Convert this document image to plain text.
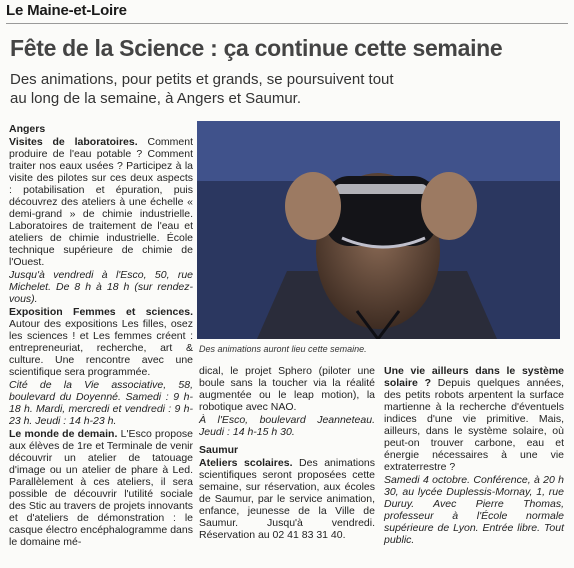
Le Maine-et-Loire
Fête de la Science : ça continue cette semaine
Des animations, pour petits et grands, se poursuivent tout au long de la semaine, à Angers et Saumur.

Angers

Visites de laboratoires. Comment produire de l'eau potable ? Comment traiter nos eaux usées ? Participez à la visite des pilotes sur ces deux aspects : potabilisation et épuration, puis découvrez des ateliers à une échelle « demi-grand » de chimie industrielle. Laboratoires de traitement de l'eau et ateliers de chimie industrielle. École technique supérieure de chimie de l'Ouest.

Jusqu'à vendredi à l'Esco, 50, rue Michelet. De 8 h à 18 h (sur rendez-vous).

Exposition Femmes et sciences. Autour des expositions Les filles, osez les sciences ! et Les femmes créent : entrepreneuriat, recherche, art & culture. Une rencontre avec une scientifique sera programmée.

Cité de la Vie associative, 58, boulevard du Doyenné. Samedi : 9 h-18 h. Mardi, mercredi et vendredi : 9 h-23 h. Jeudi : 14 h-23 h.

Le monde de demain. L'Esco propose aux élèves de 1re et Terminale de venir découvrir un atelier de tatouage d'image ou un atelier de phare à Led. Parallèlement à ces ateliers, il sera possible de découvrir l'utilité sociale des Stic au travers de projets innovants et d'ateliers de démonstration : le casque électro encéphalogramme dans le domaine mé-

Des animations auront lieu cette semaine.

dical, le projet Sphero (piloter une boule sans la toucher via la réalité augmentée ou le leap motion), la robotique avec NAO.

À l'Esco, boulevard Jeanneteau. Jeudi : 14 h-15 h 30.

Saumur

Ateliers scolaires. Des animations scientifiques seront proposées cette semaine, sur réservation, aux écoles de Saumur, par le service animation, enfance, jeunesse de la Ville de Saumur. Jusqu'à vendredi. Réservation au 02 41 83 31 40.

Une vie ailleurs dans le système solaire ? Depuis quelques années, des petits robots arpentent la surface martienne à la recherche d'éventuels indices d'une vie primitive. Mais, ailleurs, dans le système solaire, où peut-on trouver carbone, eau et énergie nécessaires à une vie extraterrestre ?

Samedi 4 octobre. Conférence, à 20 h 30, au lycée Duplessis-Mornay, 1, rue Duruy. Avec Pierre Thomas, professeur à l'École normale supérieure de Lyon. Entrée libre. Tout public.
